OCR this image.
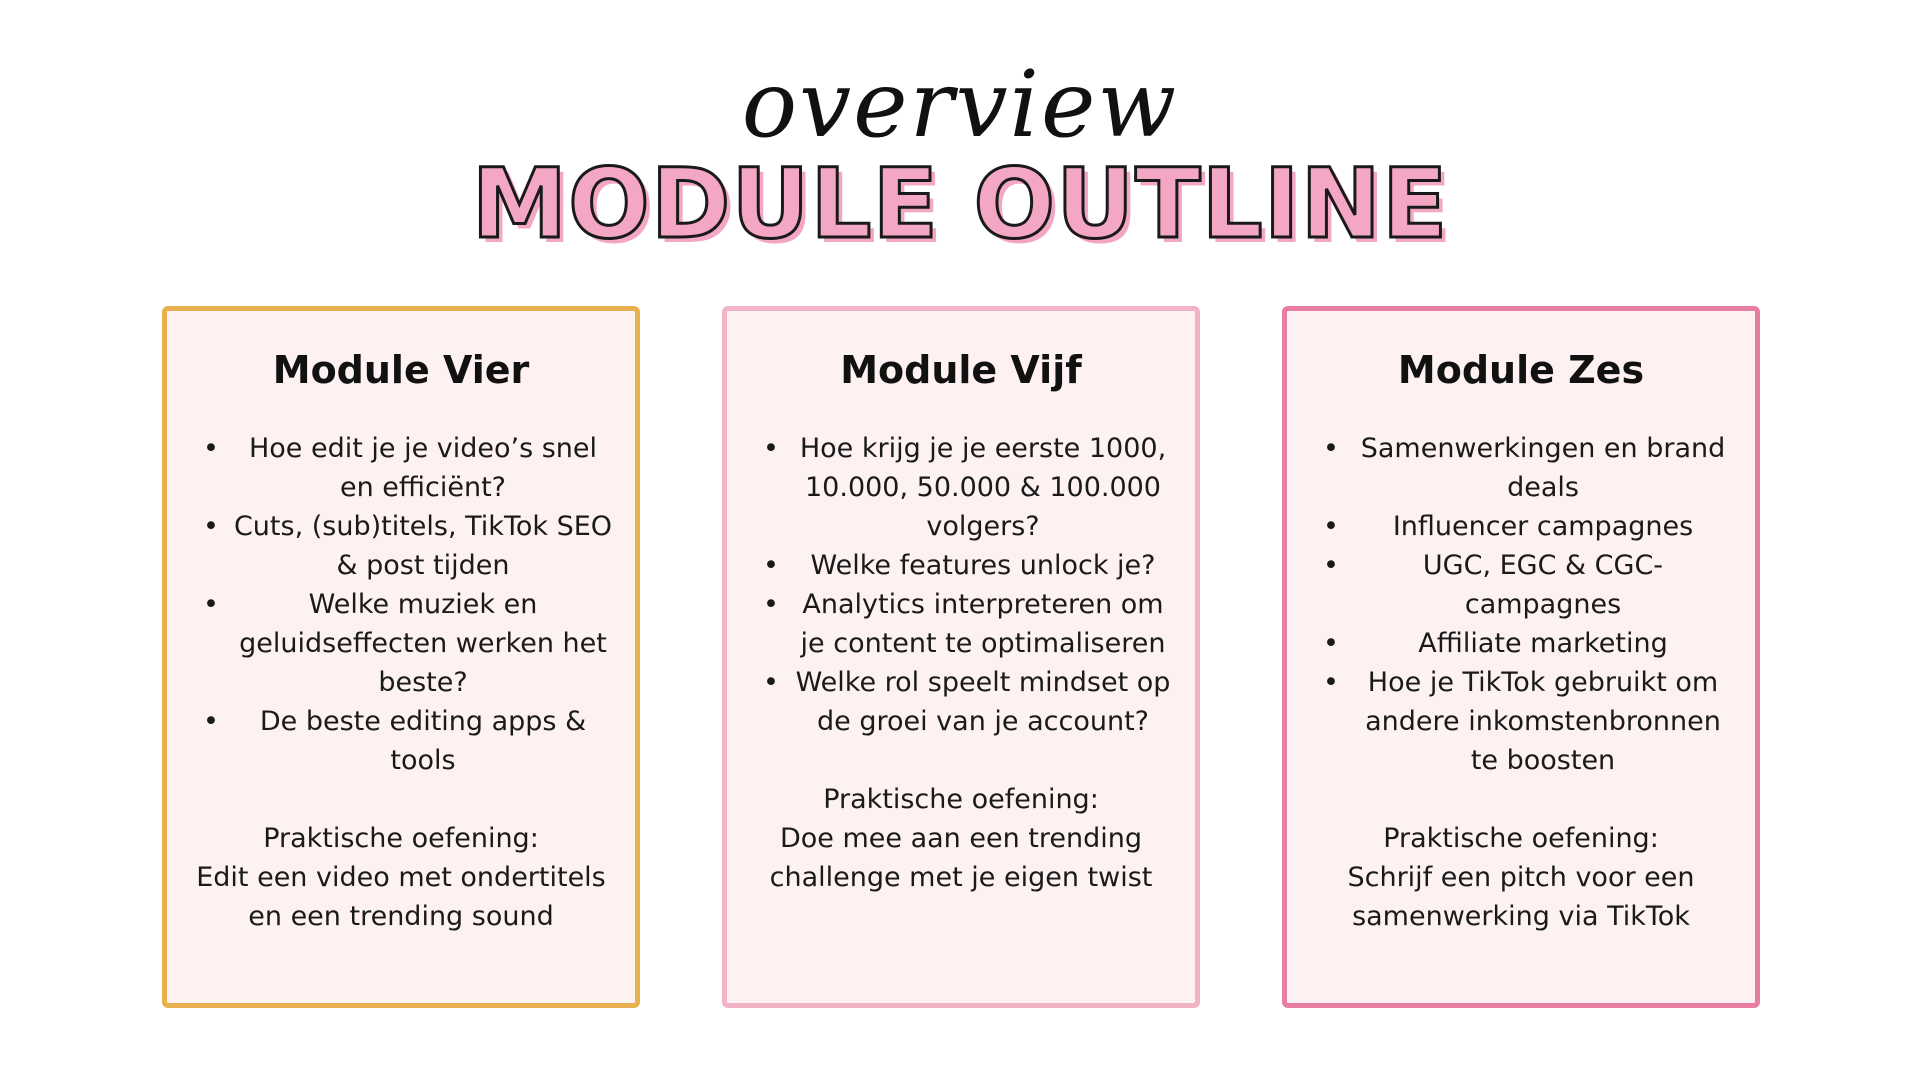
overview
MODULE OUTLINE
Module Vier
• Hoe edit je je video’s snel en efficiënt?
• Cuts, (sub)titels, TikTok SEO & post tijden
• Welke muziek en geluidseffecten werken het beste?
• De beste editing apps & tools
Praktische oefening:
Edit een video met ondertitels en een trending sound
Module Vijf
• Hoe krijg je je eerste 1000, 10.000, 50.000 & 100.000 volgers?
• Welke features unlock je?
• Analytics interpreteren om je content te optimaliseren
• Welke rol speelt mindset op de groei van je account?
Praktische oefening:
Doe mee aan een trending challenge met je eigen twist
Module Zes
• Samenwerkingen en brand deals
• Influencer campagnes
• UGC, EGC & CGC-campagnes
• Affiliate marketing
• Hoe je TikTok gebruikt om andere inkomstenbronnen te boosten
Praktische oefening:
Schrijf een pitch voor een samenwerking via TikTok
